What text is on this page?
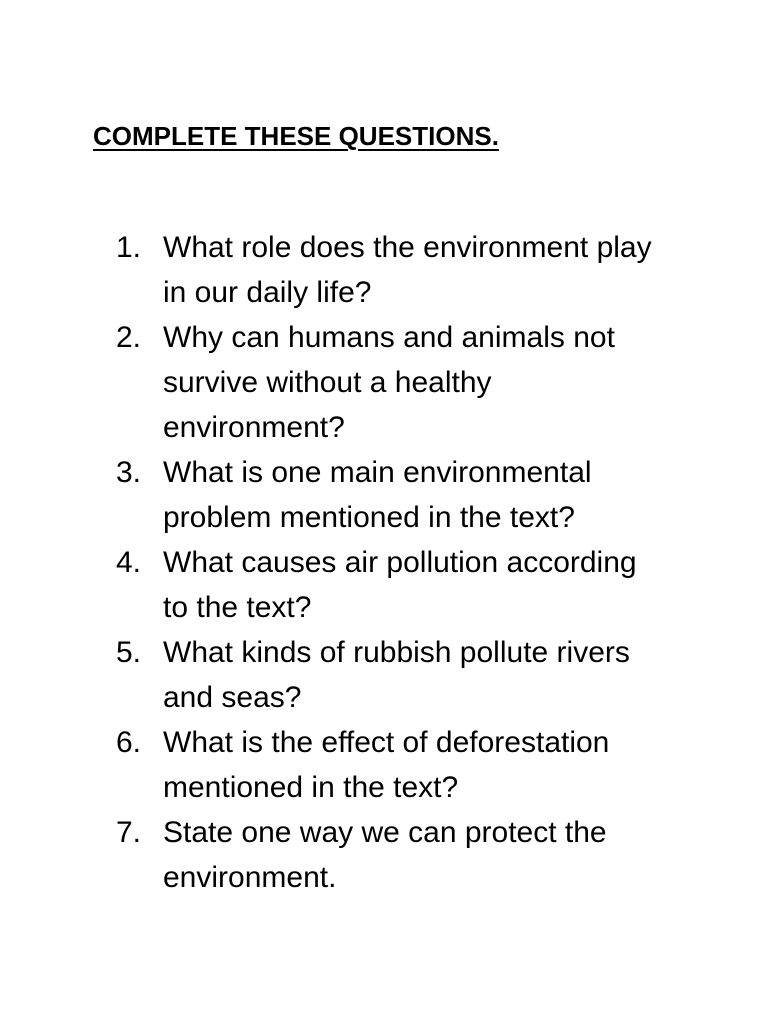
COMPLETE THESE QUESTIONS.
1. What role does the environment play in our daily life?
2. Why can humans and animals not survive without a healthy environment?
3. What is one main environmental problem mentioned in the text?
4. What causes air pollution according to the text?
5. What kinds of rubbish pollute rivers and seas?
6. What is the effect of deforestation mentioned in the text?
7. State one way we can protect the environment.
